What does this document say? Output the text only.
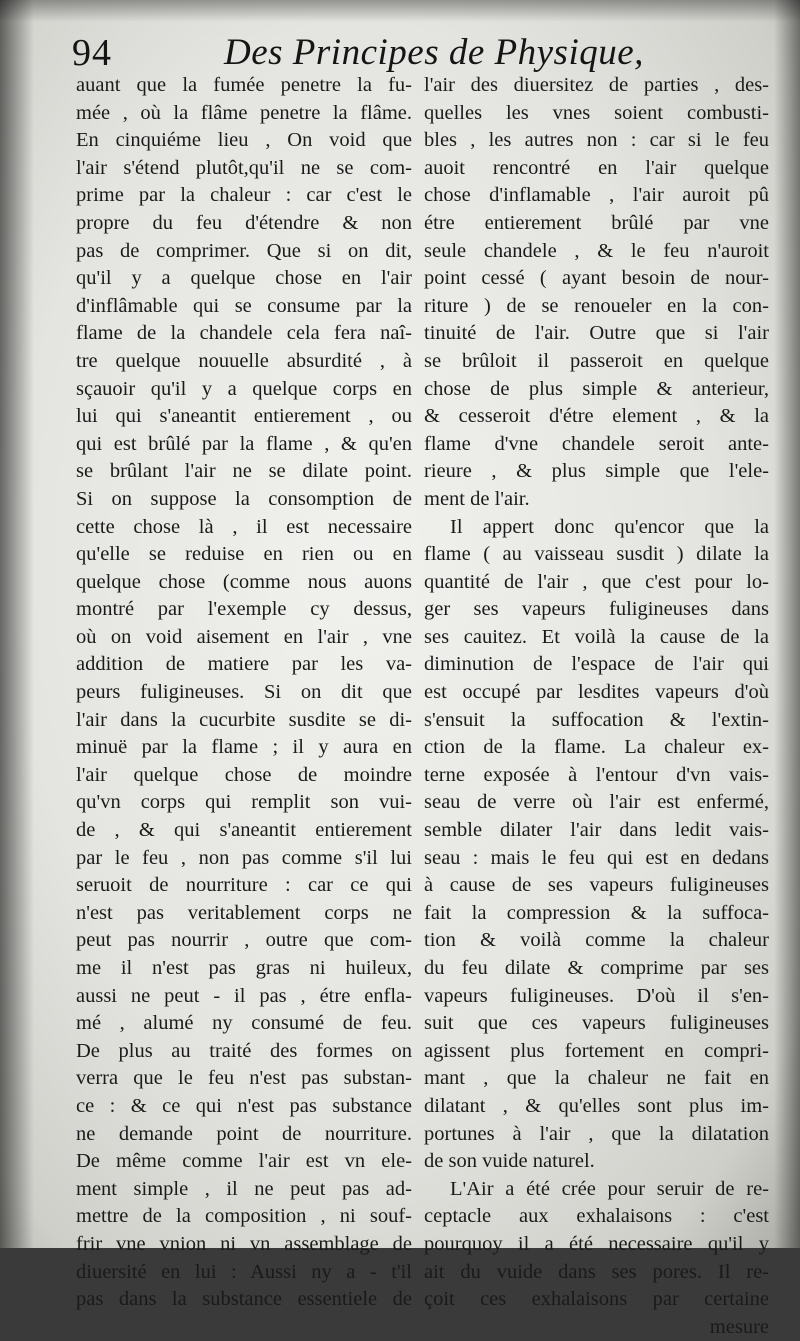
94	Des Principes de Physique,
auant que la fumée penetre la fu-
mée , où la flâme penetre la flâme.
En cinquiéme lieu , On void que
l'air s'étend plutôt,qu'il ne se com-
prime par la chaleur : car c'est le
propre du feu d'étendre & non
pas de comprimer. Que si on dit,
qu'il y a quelque chose en l'air
d'inflâmable qui se consume par la
flame de la chandele cela fera naî-
tre quelque nouuelle absurdité , à
sçauoir qu'il y a quelque corps en
lui qui s'aneantit entierement , ou
qui est brûlé par la flame , & qu'en
se brûlant l'air ne se dilate point.
Si on suppose la consomption de
cette chose là , il est necessaire
qu'elle se reduise en rien ou en
quelque chose (comme nous auons
montré par l'exemple cy dessus,
où on void aisement en l'air , vne
addition de matiere par les va-
peurs fuligineuses. Si on dit que
l'air dans la cucurbite susdite se di-
minuë par la flame ; il y aura en
l'air quelque chose de moindre
qu'vn corps qui remplit son vui-
de , & qui s'aneantit entierement
par le feu , non pas comme s'il lui
seruoit de nourriture : car ce qui
n'est pas veritablement corps ne
peut pas nourrir , outre que com-
me il n'est pas gras ni huileux,
aussi ne peut - il pas , étre enfla-
mé , alumé ny consumé de feu.
De plus au traité des formes on
verra que le feu n'est pas substan-
ce : & ce qui n'est pas substance
ne demande point de nourriture.
De même comme l'air est vn ele-
ment simple , il ne peut pas ad-
mettre de la composition , ni souf-
frir vne vnion ni vn assemblage de
diuersité en lui : Aussi ny a - t'il
pas dans la substance essentiele de
l'air des diuersitez de parties , des-
quelles les vnes soient combusti-
bles , les autres non : car si le feu
auoit rencontré en l'air quelque
chose d'inflamable , l'air auroit pû
étre entierement brûlé par vne
seule chandele , & le feu n'auroit
point cessé ( ayant besoin de nour-
riture ) de se renoueler en la con-
tinuité de l'air. Outre que si l'air
se brûloit il passeroit en quelque
chose de plus simple & anterieur,
& cesseroit d'étre element , & la
flame d'vne chandele seroit ante-
rieure , & plus simple que l'ele-
ment de l'air.
Il appert donc qu'encor que la
flame ( au vaisseau susdit ) dilate la
quantité de l'air , que c'est pour lo-
ger ses vapeurs fuligineuses dans
ses cauitez. Et voilà la cause de la
diminution de l'espace de l'air qui
est occupé par lesdites vapeurs d'où
s'ensuit la suffocation & l'extin-
ction de la flame. La chaleur ex-
terne exposée à l'entour d'vn vais-
seau de verre où l'air est enfermé,
semble dilater l'air dans ledit vais-
seau : mais le feu qui est en dedans
à cause de ses vapeurs fuligineuses
fait la compression & la suffoca-
tion & voilà comme la chaleur
du feu dilate & comprime par ses
vapeurs fuligineuses. D'où il s'en-
suit que ces vapeurs fuligineuses
agissent plus fortement en compri-
mant , que la chaleur ne fait en
dilatant , & qu'elles sont plus im-
portunes à l'air , que la dilatation
de son vuide naturel.
L'Air a été crée pour seruir de re-
ceptacle aux exhalaisons : c'est
pourquoy il a été necessaire qu'il y
ait du vuide dans ses pores. Il re-
çoit ces exhalaisons par certaine
mesure
